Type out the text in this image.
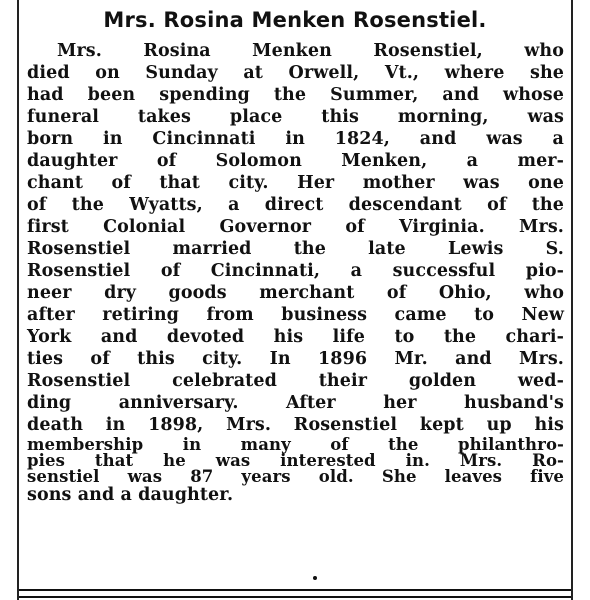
Mrs. Rosina Menken Rosenstiel.
Mrs. Rosina Menken Rosenstiel, who
died on Sunday at Orwell, Vt., where she
had been spending the Summer, and whose
funeral takes place this morning, was
born in Cincinnati in 1824, and was a
daughter of Solomon Menken, a mer-
chant of that city. Her mother was one
of the Wyatts, a direct descendant of the
first Colonial Governor of Virginia. Mrs.
Rosenstiel married the late Lewis S.
Rosenstiel of Cincinnati, a successful pio-
neer dry goods merchant of Ohio, who
after retiring from business came to New
York and devoted his life to the chari-
ties of this city. In 1896 Mr. and Mrs.
Rosenstiel celebrated their golden wed-
ding anniversary. After her husband's
death in 1898, Mrs. Rosenstiel kept up his
membership in many of the philanthro-
pies that he was interested in. Mrs. Ro-
senstiel was 87 years old. She leaves five
sons and a daughter.
